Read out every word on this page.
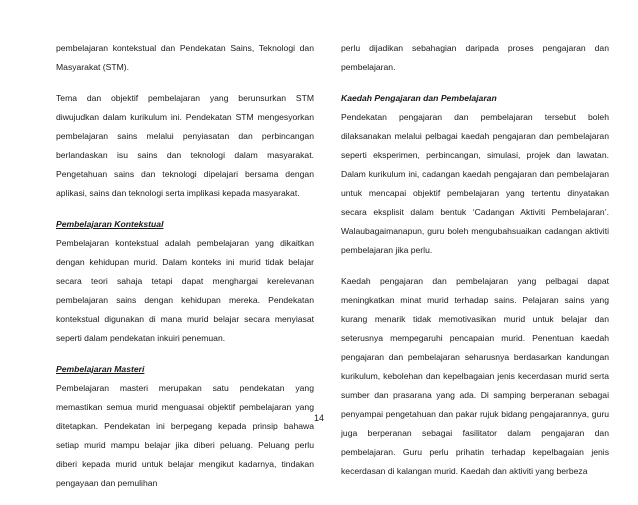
pembelajaran kontekstual dan Pendekatan Sains, Teknologi dan Masyarakat (STM).

Tema dan objektif pembelajaran yang berunsurkan STM diwujudkan dalam kurikulum ini. Pendekatan STM mengesyorkan pembelajaran sains melalui penyiasatan dan perbincangan berlandaskan isu sains dan teknologi dalam masyarakat. Pengetahuan sains dan teknologi dipelajari bersama dengan aplikasi, sains dan teknologi serta implikasi kepada masyarakat.

Pembelajaran Kontekstual

Pembelajaran kontekstual adalah pembelajaran yang dikaitkan dengan kehidupan murid. Dalam konteks ini murid tidak belajar secara teori sahaja tetapi dapat menghargai kerelevanan pembelajaran sains dengan kehidupan mereka. Pendekatan kontekstual digunakan di mana murid belajar secara menyiasat seperti dalam pendekatan inkuiri penemuan.

Pembelajaran Masteri

Pembelajaran masteri merupakan satu pendekatan yang memastikan semua murid menguasai objektif pembelajaran yang ditetapkan. Pendekatan ini berpegang kepada prinsip bahawa setiap murid mampu belajar jika diberi peluang. Peluang perlu diberi kepada murid untuk belajar mengikut kadarnya, tindakan pengayaan dan pemulihan

perlu dijadikan sebahagian daripada proses pengajaran dan pembelajaran.

Kaedah Pengajaran dan Pembelajaran

Pendekatan pengajaran dan pembelajaran tersebut boleh dilaksanakan melalui pelbagai kaedah pengajaran dan pembelajaran seperti eksperimen, perbincangan, simulasi, projek dan lawatan. Dalam kurikulum ini, cadangan kaedah pengajaran dan pembelajaran untuk mencapai objektif pembelajaran yang tertentu dinyatakan secara eksplisit dalam bentuk ‘Cadangan Aktiviti Pembelajaran’. Walaubagaimanapun, guru boleh mengubahsuaikan cadangan aktiviti pembelajaran jika perlu.

Kaedah pengajaran dan pembelajaran yang pelbagai dapat meningkatkan minat murid terhadap sains. Pelajaran sains yang kurang menarik tidak memotivasikan murid untuk belajar dan seterusnya mempegaruhi pencapaian murid. Penentuan kaedah pengajaran dan pembelajaran seharusnya berdasarkan kandungan kurikulum, kebolehan dan kepelbagaian jenis kecerdasan murid serta sumber dan prasarana yang ada. Di samping berperanan sebagai penyampai pengetahuan dan pakar rujuk bidang pengajarannya, guru juga berperanan sebagai fasilitator dalam pengajaran dan pembelajaran. Guru perlu prihatin terhadap kepelbagaian jenis kecerdasan di kalangan murid. Kaedah dan aktiviti yang berbeza

14
